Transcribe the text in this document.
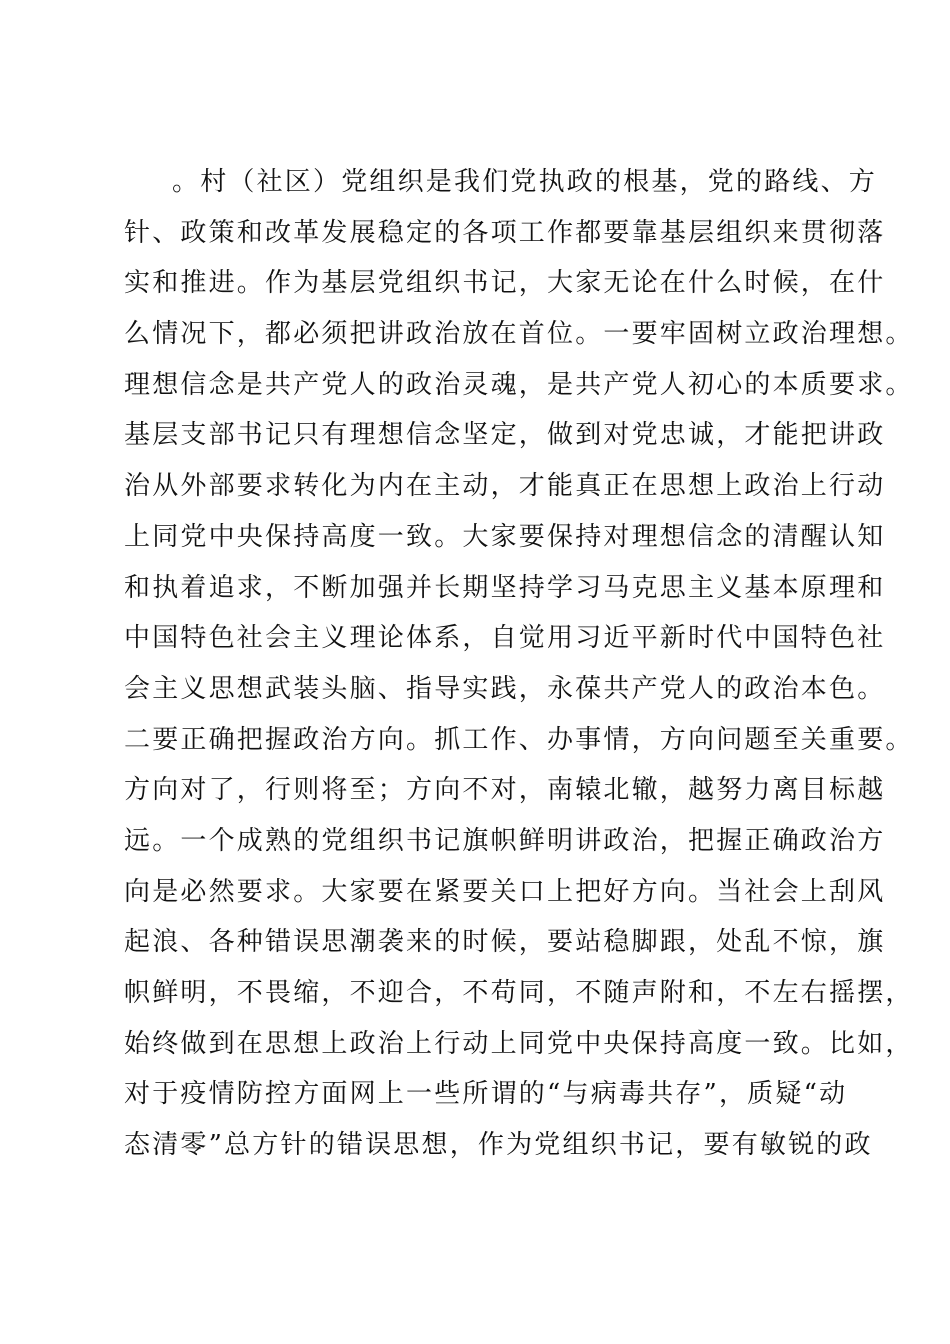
。村（社区）党组织是我们党执政的根基，党的路线、方
针、政策和改革发展稳定的各项工作都要靠基层组织来贯彻落
实和推进。作为基层党组织书记，大家无论在什么时候，在什
么情况下，都必须把讲政治放在首位。一要牢固树立政治理想。
理想信念是共产党人的政治灵魂，是共产党人初心的本质要求。
基层支部书记只有理想信念坚定，做到对党忠诚，才能把讲政
治从外部要求转化为内在主动，才能真正在思想上政治上行动
上同党中央保持高度一致。大家要保持对理想信念的清醒认知
和执着追求，不断加强并长期坚持学习马克思主义基本原理和
中国特色社会主义理论体系，自觉用习近平新时代中国特色社
会主义思想武装头脑、指导实践，永葆共产党人的政治本色。
二要正确把握政治方向。抓工作、办事情，方向问题至关重要。
方向对了，行则将至；方向不对，南辕北辙，越努力离目标越
远。一个成熟的党组织书记旗帜鲜明讲政治，把握正确政治方
向是必然要求。大家要在紧要关口上把好方向。当社会上刮风
起浪、各种错误思潮袭来的时候，要站稳脚跟，处乱不惊，旗
帜鲜明，不畏缩，不迎合，不苟同，不随声附和，不左右摇摆，
始终做到在思想上政治上行动上同党中央保持高度一致。比如，
对于疫情防控方面网上一些所谓的“与病毒共存”，质疑“动
态清零”总方针的错误思想，作为党组织书记，要有敏锐的政
